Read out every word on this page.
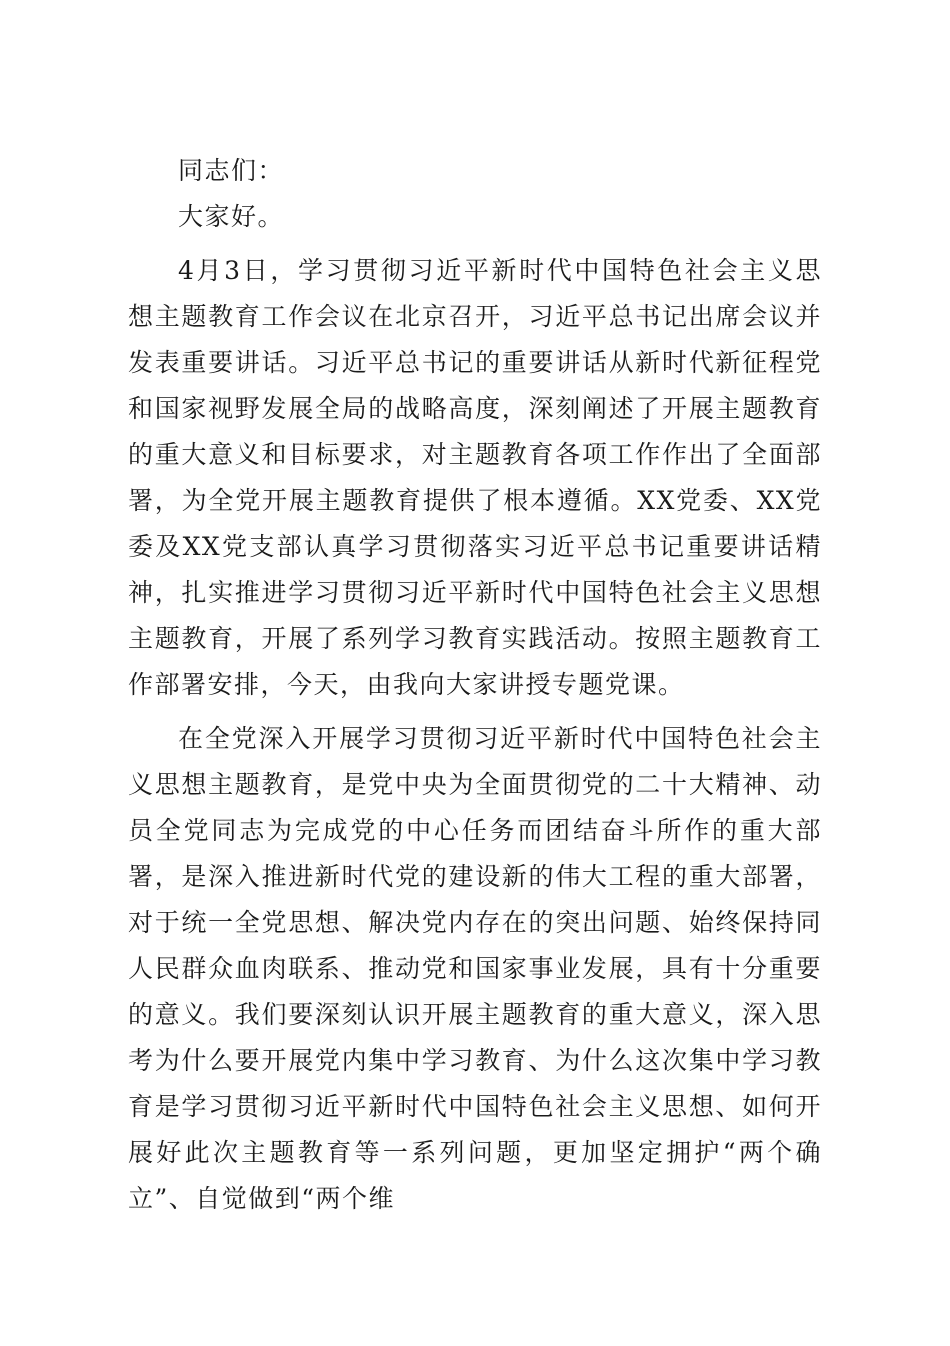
同志们：

大家好。

4月3日，学习贯彻习近平新时代中国特色社会主义思想主题教育工作会议在北京召开，习近平总书记出席会议并发表重要讲话。习近平总书记的重要讲话从新时代新征程党和国家视野发展全局的战略高度，深刻阐述了开展主题教育的重大意义和目标要求，对主题教育各项工作作出了全面部署，为全党开展主题教育提供了根本遵循。XX党委、XX党委及XX党支部认真学习贯彻落实习近平总书记重要讲话精神，扎实推进学习贯彻习近平新时代中国特色社会主义思想主题教育，开展了系列学习教育实践活动。按照主题教育工作部署安排，今天，由我向大家讲授专题党课。

在全党深入开展学习贯彻习近平新时代中国特色社会主义思想主题教育，是党中央为全面贯彻党的二十大精神、动员全党同志为完成党的中心任务而团结奋斗所作的重大部署，是深入推进新时代党的建设新的伟大工程的重大部署，对于统一全党思想、解决党内存在的突出问题、始终保持同人民群众血肉联系、推动党和国家事业发展，具有十分重要的意义。我们要深刻认识开展主题教育的重大意义，深入思考为什么要开展党内集中学习教育、为什么这次集中学习教育是学习贯彻习近平新时代中国特色社会主义思想、如何开展好此次主题教育等一系列问题，更加坚定拥护“两个确立”、自觉做到“两个维
